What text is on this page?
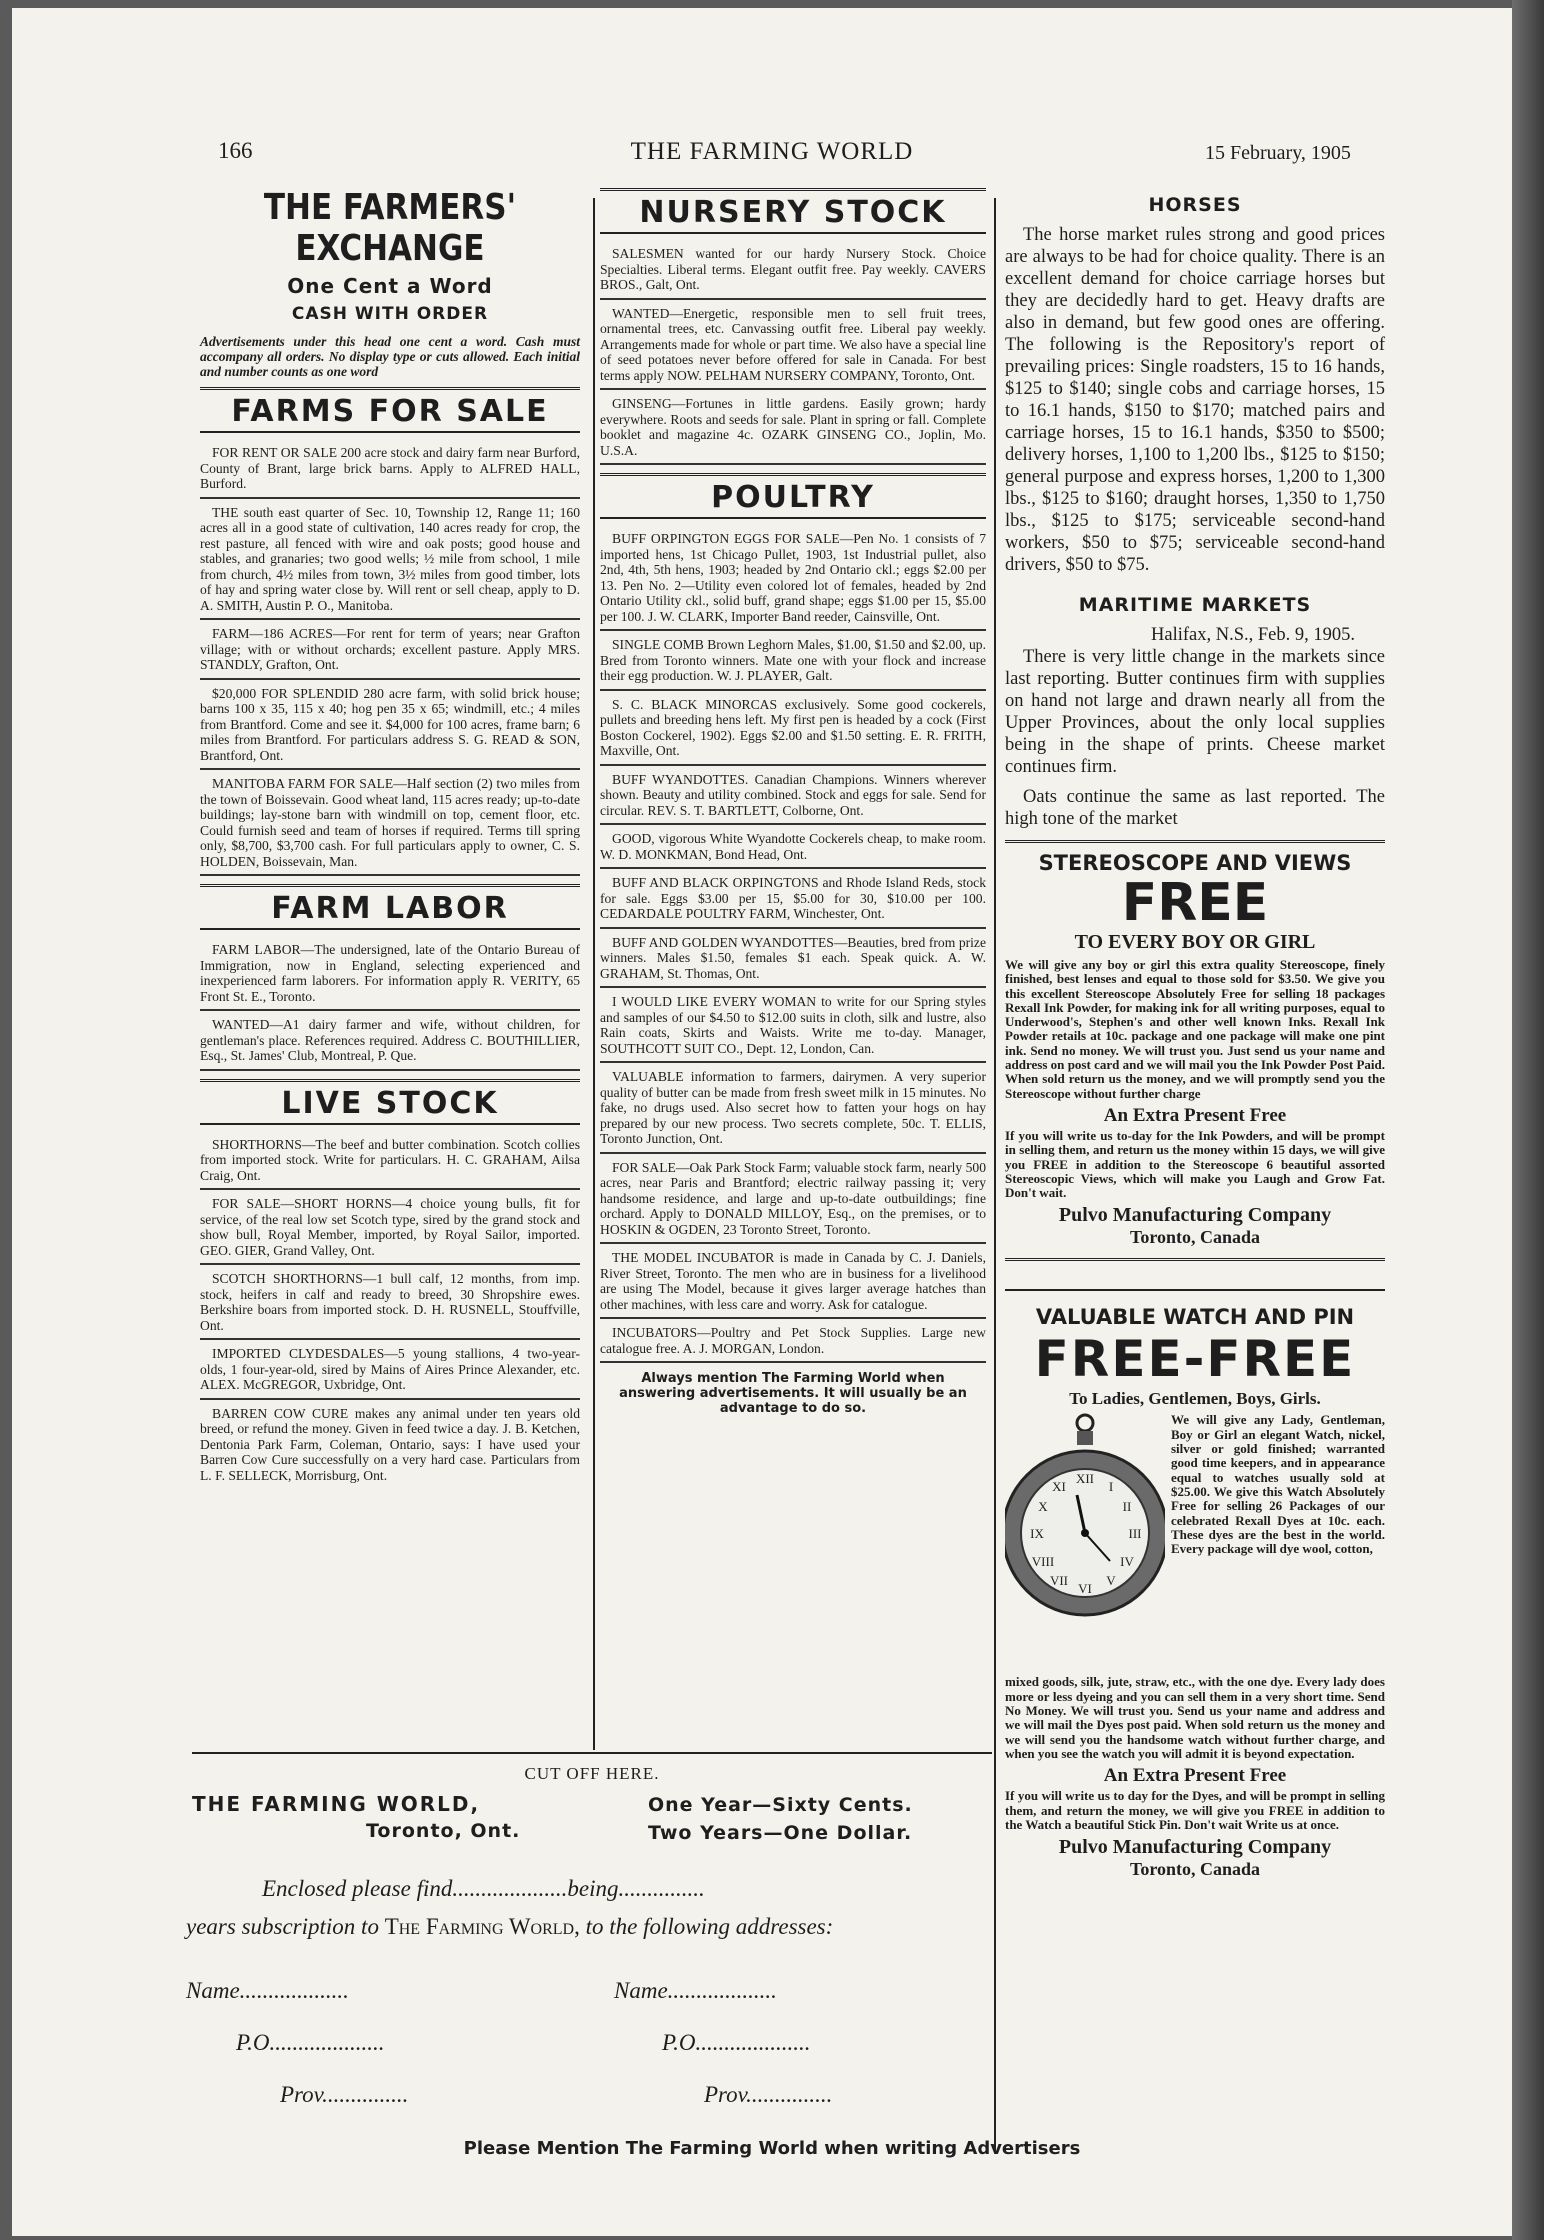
166	THE FARMING WORLD	15 February, 1905
THE FARMERS' EXCHANGE
One Cent a Word
CASH WITH ORDER

Advertisements under this head one cent a word. Cash must accompany all orders. No display type or cuts allowed. Each initial and number counts as one word

FARMS FOR SALE

FOR RENT OR SALE 200 acre stock and dairy farm near Burford, County of Brant, large brick barns. Apply to ALFRED HALL, Burford.

THE south east quarter of Sec. 10, Township 12, Range 11; 160 acres all in a good state of cultivation, 140 acres ready for crop, the rest pasture, all fenced with wire and oak posts; good house and stables, and granaries; two good wells; ½ mile from school, 1 mile from church, 4½ miles from town, 3½ miles from good timber, lots of hay and spring water close by. Will rent or sell cheap, apply to D. A. SMITH, Austin P. O., Manitoba.

FARM—186 ACRES—For rent for term of years; near Grafton village; with or without orchards; excellent pasture. Apply MRS. STANDLY, Grafton, Ont.

$20,000 FOR SPLENDID 280 acre farm, with solid brick house; barns 100 x 35, 115 x 40; hog pen 35 x 65; windmill, etc.; 4 miles from Brantford. Come and see it. $4,000 for 100 acres, frame barn; 6 miles from Brantford. For particulars address S. G. READ & SON, Brantford, Ont.

MANITOBA FARM FOR SALE—Half section (2) two miles from the town of Boissevain. Good wheat land, 115 acres ready; up-to-date buildings; lay-stone barn with windmill on top, cement floor, etc. Could furnish seed and team of horses if required. Terms till spring only, $8,700, $3,700 cash. For full particulars apply to owner, C. S. HOLDEN, Boissevain, Man.

FARM LABOR

FARM LABOR—The undersigned, late of the Ontario Bureau of Immigration, now in England, selecting experienced and inexperienced farm laborers. For information apply R. VERITY, 65 Front St. E., Toronto.

WANTED—A1 dairy farmer and wife, without children, for gentleman's place. References required. Address C. BOUTHILLIER, Esq., St. James' Club, Montreal, P. Que.

LIVE STOCK

SHORTHORNS—The beef and butter combination. Scotch collies from imported stock. Write for particulars. H. C. GRAHAM, Ailsa Craig, Ont.

FOR SALE—SHORT HORNS—4 choice young bulls, fit for service, of the real low set Scotch type, sired by the grand stock and show bull, Royal Member, imported, by Royal Sailor, imported. GEO. GIER, Grand Valley, Ont.

SCOTCH SHORTHORNS—1 bull calf, 12 months, from imp. stock, heifers in calf and ready to breed, 30 Shropshire ewes. Berkshire boars from imported stock. D. H. RUSNELL, Stouffville, Ont.

IMPORTED CLYDESDALES—5 young stallions, 4 two-year-olds, 1 four-year-old, sired by Mains of Aires Prince Alexander, etc. ALEX. McGREGOR, Uxbridge, Ont.

BARREN COW CURE makes any animal under ten years old breed, or refund the money. Given in feed twice a day. J. B. Ketchen, Dentonia Park Farm, Coleman, Ontario, says: I have used your Barren Cow Cure successfully on a very hard case. Particulars from L. F. SELLECK, Morrisburg, Ont.

NURSERY STOCK

SALESMEN wanted for our hardy Nursery Stock. Choice Specialties. Liberal terms. Elegant outfit free. Pay weekly. CAVERS BROS., Galt, Ont.

WANTED—Energetic, responsible men to sell fruit trees, ornamental trees, etc. Canvassing outfit free. Liberal pay weekly. Arrangements made for whole or part time. We also have a special line of seed potatoes never before offered for sale in Canada. For best terms apply NOW. PELHAM NURSERY COMPANY, Toronto, Ont.

GINSENG—Fortunes in little gardens. Easily grown; hardy everywhere. Roots and seeds for sale. Plant in spring or fall. Complete booklet and magazine 4c. OZARK GINSENG CO., Joplin, Mo. U.S.A.

POULTRY

BUFF ORPINGTON EGGS FOR SALE—Pen No. 1 consists of 7 imported hens, 1st Chicago Pullet, 1903, 1st Industrial pullet, also 2nd, 4th, 5th hens, 1903; headed by 2nd Ontario ckl.; eggs $2.00 per 13. Pen No. 2—Utility even colored lot of females, headed by 2nd Ontario Utility ckl., solid buff, grand shape; eggs $1.00 per 15, $5.00 per 100. J. W. CLARK, Importer Band reeder, Cainsville, Ont.

SINGLE COMB Brown Leghorn Males, $1.00, $1.50 and $2.00, up. Bred from Toronto winners. Mate one with your flock and increase their egg production. W. J. PLAYER, Galt.

S. C. BLACK MINORCAS exclusively. Some good cockerels, pullets and breeding hens left. My first pen is headed by a cock (First Boston Cockerel, 1902). Eggs $2.00 and $1.50 setting. E. R. FRITH, Maxville, Ont.

BUFF WYANDOTTES. Canadian Champions. Winners wherever shown. Beauty and utility combined. Stock and eggs for sale. Send for circular. REV. S. T. BARTLETT, Colborne, Ont.

GOOD, vigorous White Wyandotte Cockerels cheap, to make room. W. D. MONKMAN, Bond Head, Ont.

BUFF AND BLACK ORPINGTONS and Rhode Island Reds, stock for sale. Eggs $3.00 per 15, $5.00 for 30, $10.00 per 100. CEDARDALE POULTRY FARM, Winchester, Ont.

BUFF AND GOLDEN WYANDOTTES—Beauties, bred from prize winners. Males $1.50, females $1 each. Speak quick. A. W. GRAHAM, St. Thomas, Ont.

I WOULD LIKE EVERY WOMAN to write for our Spring styles and samples of our $4.50 to $12.00 suits in cloth, silk and lustre, also Rain coats, Skirts and Waists. Write me to-day. Manager, SOUTHCOTT SUIT CO., Dept. 12, London, Can.

VALUABLE information to farmers, dairymen. A very superior quality of butter can be made from fresh sweet milk in 15 minutes. No fake, no drugs used. Also secret how to fatten your hogs on hay prepared by our new process. Two secrets complete, 50c. T. ELLIS, Toronto Junction, Ont.

FOR SALE—Oak Park Stock Farm; valuable stock farm, nearly 500 acres, near Paris and Brantford; electric railway passing it; very handsome residence, and large and up-to-date outbuildings; fine orchard. Apply to DONALD MILLOY, Esq., on the premises, or to HOSKIN & OGDEN, 23 Toronto Street, Toronto.

THE MODEL INCUBATOR is made in Canada by C. J. Daniels, River Street, Toronto. The men who are in business for a livelihood are using The Model, because it gives larger average hatches than other machines, with less care and worry. Ask for catalogue.

INCUBATORS—Poultry and Pet Stock Supplies. Large new catalogue free. A. J. MORGAN, London.

Always mention The Farming World when answering advertisements. It will usually be an advantage to do so.

HORSES

The horse market rules strong and good prices are always to be had for choice quality. There is an excellent demand for choice carriage horses but they are decidedly hard to get. Heavy drafts are also in demand, but few good ones are offering. The following is the Repository's report of prevailing prices: Single roadsters, 15 to 16 hands, $125 to $140; single cobs and carriage horses, 15 to 16.1 hands, $150 to $170; matched pairs and carriage horses, 15 to 16.1 hands, $350 to $500; delivery horses, 1,100 to 1,200 lbs., $125 to $150; general purpose and express horses, 1,200 to 1,300 lbs., $125 to $160; draught horses, 1,350 to 1,750 lbs., $125 to $175; serviceable second-hand workers, $50 to $75; serviceable second-hand drivers, $50 to $75.

MARITIME MARKETS

Halifax, N.S., Feb. 9, 1905.

There is very little change in the markets since last reporting. Butter continues firm with supplies on hand not large and drawn nearly all from the Upper Provinces, about the only local supplies being in the shape of prints. Cheese market continues firm.

Oats continue the same as last reported. The high tone of the market

STEREOSCOPE AND VIEWS
FREE
TO EVERY BOY OR GIRL

We will give any boy or girl this extra quality Stereoscope, finely finished, best lenses and equal to those sold for $3.50. We give you this excellent Stereoscope Absolutely Free for selling 18 packages Rexall Ink Powder, for making ink for all writing purposes, equal to Underwood's, Stephen's and other well known Inks. Rexall Ink Powder retails at 10c. package and one package will make one pint ink. Send no money. We will trust you. Just send us your name and address on post card and we will mail you the Ink Powder Post Paid. When sold return us the money, and we will promptly send you the Stereoscope without further charge

An Extra Present Free

If you will write us to-day for the Ink Powders, and will be prompt in selling them, and return us the money within 15 days, we will give you FREE in addition to the Stereoscope 6 beautiful assorted Stereoscopic Views, which will make you Laugh and Grow Fat. Don't wait.

Pulvo Manufacturing Company
Toronto, Canada
VALUABLE WATCH AND PIN
FREE-FREE
To Ladies, Gentlemen, Boys, Girls.
XII
III
VI
IX
I
II
IV
V
VII
VIII
X
XI

We will give any Lady, Gentleman, Boy or Girl an elegant Watch, nickel, silver or gold finished; warranted good time keepers, and in appearance equal to watches usually sold at $25.00. We give this Watch Absolutely Free for selling 26 Packages of our celebrated Rexall Dyes at 10c. each. These dyes are the best in the world. Every package will dye wool, cotton,

mixed goods, silk, jute, straw, etc., with the one dye. Every lady does more or less dyeing and you can sell them in a very short time. Send No Money. We will trust you. Send us your name and address and we will mail the Dyes post paid. When sold return us the money and we will send you the handsome watch without further charge, and when you see the watch you will admit it is beyond expectation.

An Extra Present Free

If you will write us to day for the Dyes, and will be prompt in selling them, and return the money, we will give you FREE in addition to the Watch a beautiful Stick Pin. Don't wait Write us at once.

Pulvo Manufacturing Company
Toronto, Canada
CUT OFF HERE.
THE FARMING WORLD,
Toronto, Ont.
One Year—Sixty Cents.
Two Years—One Dollar.
Enclosed please find....................being...............
years subscription to The Farming World, to the following addresses:
Name...................	Name...................
P.O....................	P.O....................
Prov...............	Prov...............
Please Mention The Farming World when writing Advertisers
